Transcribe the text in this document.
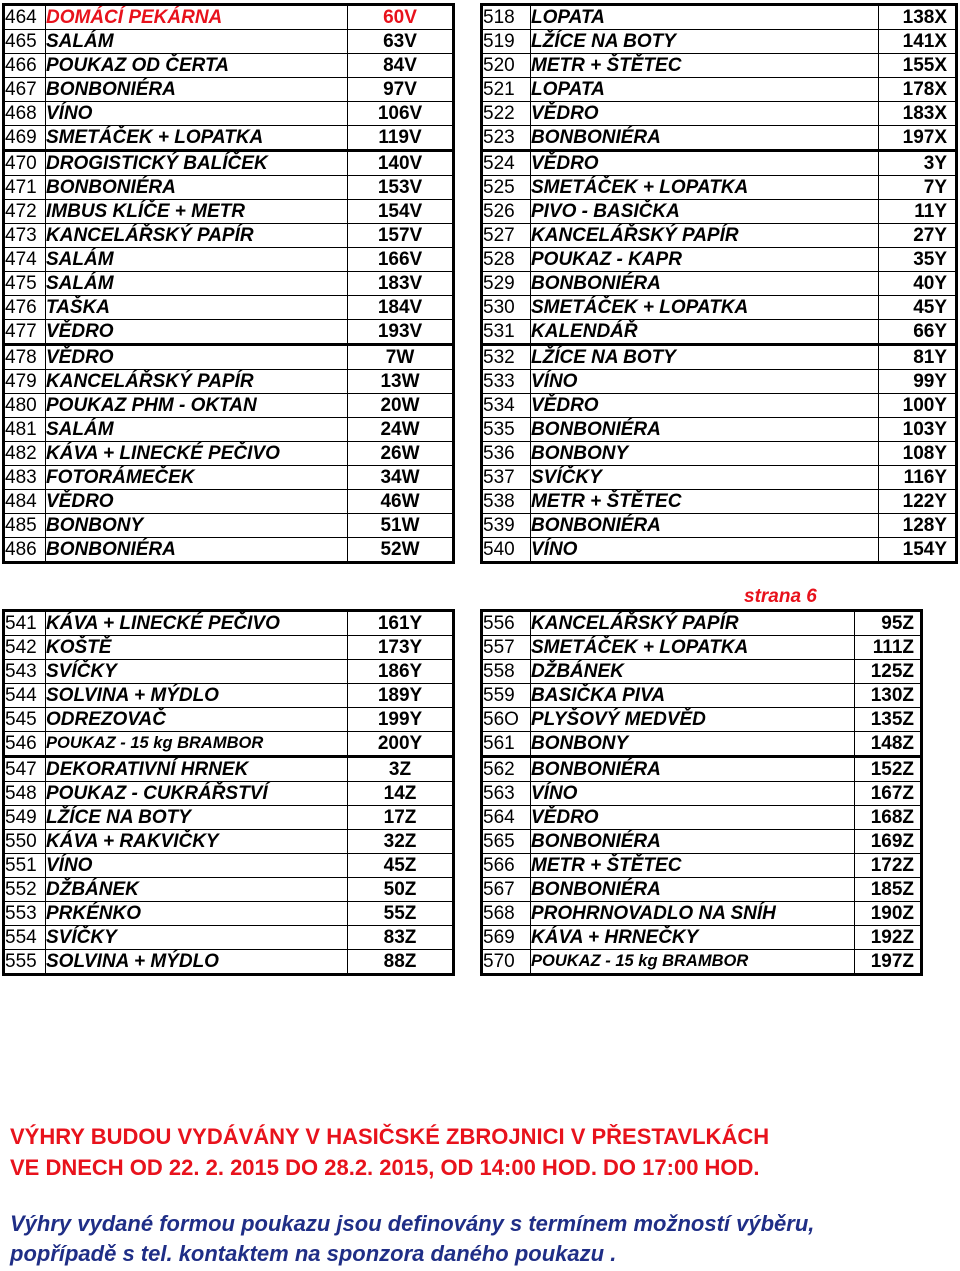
464	DOMÁCÍ PEKÁRNA	60V
465	SALÁM	63V
466	POUKAZ OD ČERTA	84V
467	BONBONIÉRA	97V
468	VÍNO	106V
469	SMETÁČEK + LOPATKA	119V
470	DROGISTICKÝ BALÍČEK	140V
471	BONBONIÉRA	153V
472	IMBUS KLÍČE + METR	154V
473	KANCELÁŘSKÝ PAPÍR	157V
474	SALÁM	166V
475	SALÁM	183V
476	TAŠKA	184V
477	VĚDRO	193V
478	VĚDRO	7W
479	KANCELÁŘSKÝ PAPÍR	13W
480	POUKAZ PHM - OKTAN	20W
481	SALÁM	24W
482	KÁVA + LINECKÉ PEČIVO	26W
483	FOTORÁMEČEK	34W
484	VĚDRO	46W
485	BONBONY	51W
486	BONBONIÉRA	52W
518	LOPATA	138X
519	LŽÍCE NA BOTY	141X
520	METR + ŠTĚTEC	155X
521	LOPATA	178X
522	VĚDRO	183X
523	BONBONIÉRA	197X
524	VĚDRO	3Y
525	SMETÁČEK + LOPATKA	7Y
526	PIVO - BASIČKA	11Y
527	KANCELÁŘSKÝ PAPÍR	27Y
528	POUKAZ - KAPR	35Y
529	BONBONIÉRA	40Y
530	SMETÁČEK + LOPATKA	45Y
531	KALENDÁŘ	66Y
532	LŽÍCE NA BOTY	81Y
533	VÍNO	99Y
534	VĚDRO	100Y
535	BONBONIÉRA	103Y
536	BONBONY	108Y
537	SVÍČKY	116Y
538	METR + ŠTĚTEC	122Y
539	BONBONIÉRA	128Y
540	VÍNO	154Y
strana 6
541	KÁVA + LINECKÉ PEČIVO	161Y
542	KOŠTĚ	173Y
543	SVÍČKY	186Y
544	SOLVINA + MÝDLO	189Y
545	ODREZOVAČ	199Y
546	POUKAZ - 15 kg BRAMBOR	200Y
547	DEKORATIVNÍ HRNEK	3Z
548	POUKAZ - CUKRÁŘSTVÍ	14Z
549	LŽÍCE NA BOTY	17Z
550	KÁVA + RAKVIČKY	32Z
551	VÍNO	45Z
552	DŽBÁNEK	50Z
553	PRKÉNKO	55Z
554	SVÍČKY	83Z
555	SOLVINA + MÝDLO	88Z
556	KANCELÁŘSKÝ PAPÍR	95Z
557	SMETÁČEK + LOPATKA	111Z
558	DŽBÁNEK	125Z
559	BASIČKA PIVA	130Z
56O	PLYŠOVÝ MEDVĚD	135Z
561	BONBONY	148Z
562	BONBONIÉRA	152Z
563	VÍNO	167Z
564	VĚDRO	168Z
565	BONBONIÉRA	169Z
566	METR + ŠTĚTEC	172Z
567	BONBONIÉRA	185Z
568	PROHRNOVADLO NA SNÍH	190Z
569	KÁVA + HRNEČKY	192Z
570	POUKAZ - 15 kg BRAMBOR	197Z
VÝHRY BUDOU VYDÁVÁNY V HASIČSKÉ ZBROJNICI V PŘESTAVLKÁCH
VE DNECH OD 22. 2. 2015 DO 28.2. 2015, OD 14:00 HOD. DO 17:00 HOD.
Výhry vydané formou poukazu jsou definovány s termínem možností výběru,
popřípadě s tel. kontaktem na sponzora daného poukazu .
